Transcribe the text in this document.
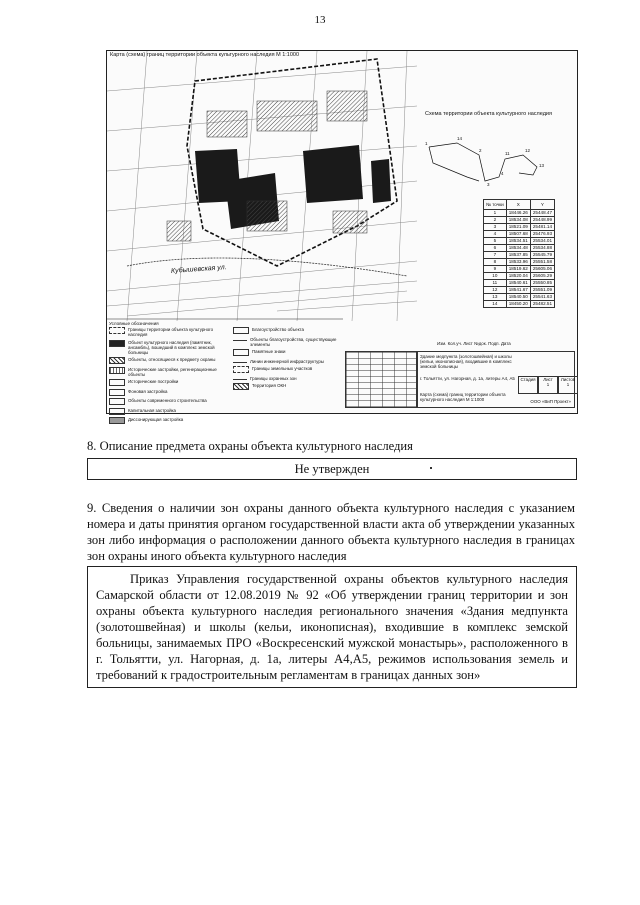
13
1
14
2
3
4
11
12
13
Карта (схема) границ территории объекта культурного наследия М 1:1000
Схема территории объекта культурного наследия
Кубышевская ул.
№ точки	X	Y
1	18446.26	25448.47
2	18534.08	25448.99
3	18521.09	25481.14
4	18507.68	25476.93
5	18534.51	25534.01
6	18534.48	25534.88
7	18537.85	25545.79
8	18533.96	25551.58
9	18519.62	25605.06
10	18520.04	25605.29
11	18540.61	25550.85
12	18541.67	25551.09
13	18540.50	25541.63
14	18450.20	25482.51
Условные обозначения
Границы территории объекта культурного наследия
Объект культурного наследия (памятник, ансамбль), вошедший в комплекс земской больницы
Объекты, относящиеся к предмету охраны
Исторические застройки, регенерационные объекты
Исторические постройки
Фоновая застройка
Объекты современного строительства
Капитальная застройка
Диссонирующая застройка
Благоустройство объекта
Объекты благоустройства, существующие элементы
Памятные знаки
Линии инженерной инфраструктуры
Границы земельных участков
Границы охранных зон
Территория ОКН
Изм. Кол.уч. Лист №док. Подп. Дата
Здание медпункта (золотошвейная) и школы (кельи, иконописная), входившие в комплекс земской больницы
г. Тольятти, ул. Нагорная, д. 1а, литеры А4, А5
Карта (схема) границ территории объекта культурного наследия М 1:1000
Стадия	Лист
1
Листов
1
ООО «ВиП Проект»
8. Описание предмета охраны объекта культурного наследия
Не утвержден
9. Сведения о наличии зон охраны данного объекта культурного наследия с указанием номера и даты принятия органом государственной власти акта об утверждении указанных зон либо информация о расположении данного объекта культурного наследия в границах зон охраны иного объекта культурного наследия
Приказ Управления государственной охраны объектов культурного наследия Самарской области от 12.08.2019 № 92 «Об утверждении границ территории и зон охраны объекта культурного наследия регионального значения «Здания медпункта (золотошвейная) и школы (кельи, иконописная), входившие в комплекс земской больницы, занимаемых ПРО «Воскресенский мужской монастырь», расположенного в г. Тольятти, ул. Нагорная, д. 1а, литеры А4,А5, режимов использования земель и требований к градостроительным регламентам в границах данных зон»
